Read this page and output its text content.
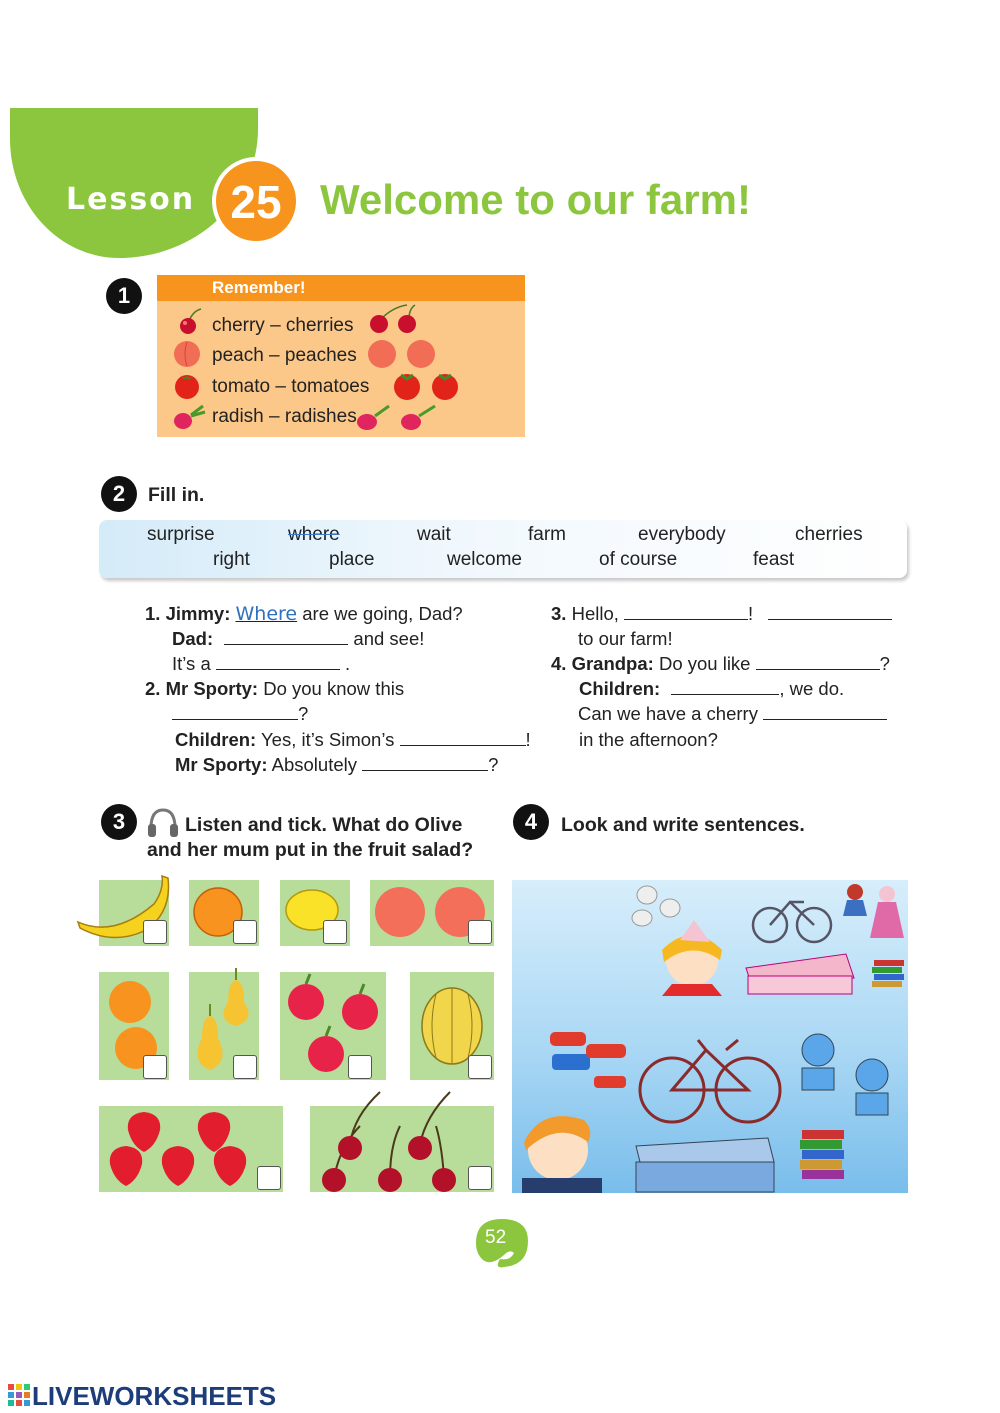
Lesson 25 Welcome to our farm!
1	Remember!
cherry – cherries
peach – peaches
tomato – tomatoes
radish – radishes
2	Fill in.
surprise	where	wait	farm	everybody	cherries
right	place	welcome	of course	feast
1. Jimmy: Where are we going, Dad?
Dad:	and see!
It’s a	.
2. Mr Sporty: Do you know this
?
Children: Yes, it’s Simon’s	!
Mr Sporty: Absolutely	?
3. Hello,	!
to our farm!
4. Grandpa: Do you like	?
Children:	, we do.
Can we have a cherry
in the afternoon?
3	Listen and tick. What do Olive
and her mum put in the fruit salad?
4	Look and write sentences.
52
LIVEWORKSHEETS
